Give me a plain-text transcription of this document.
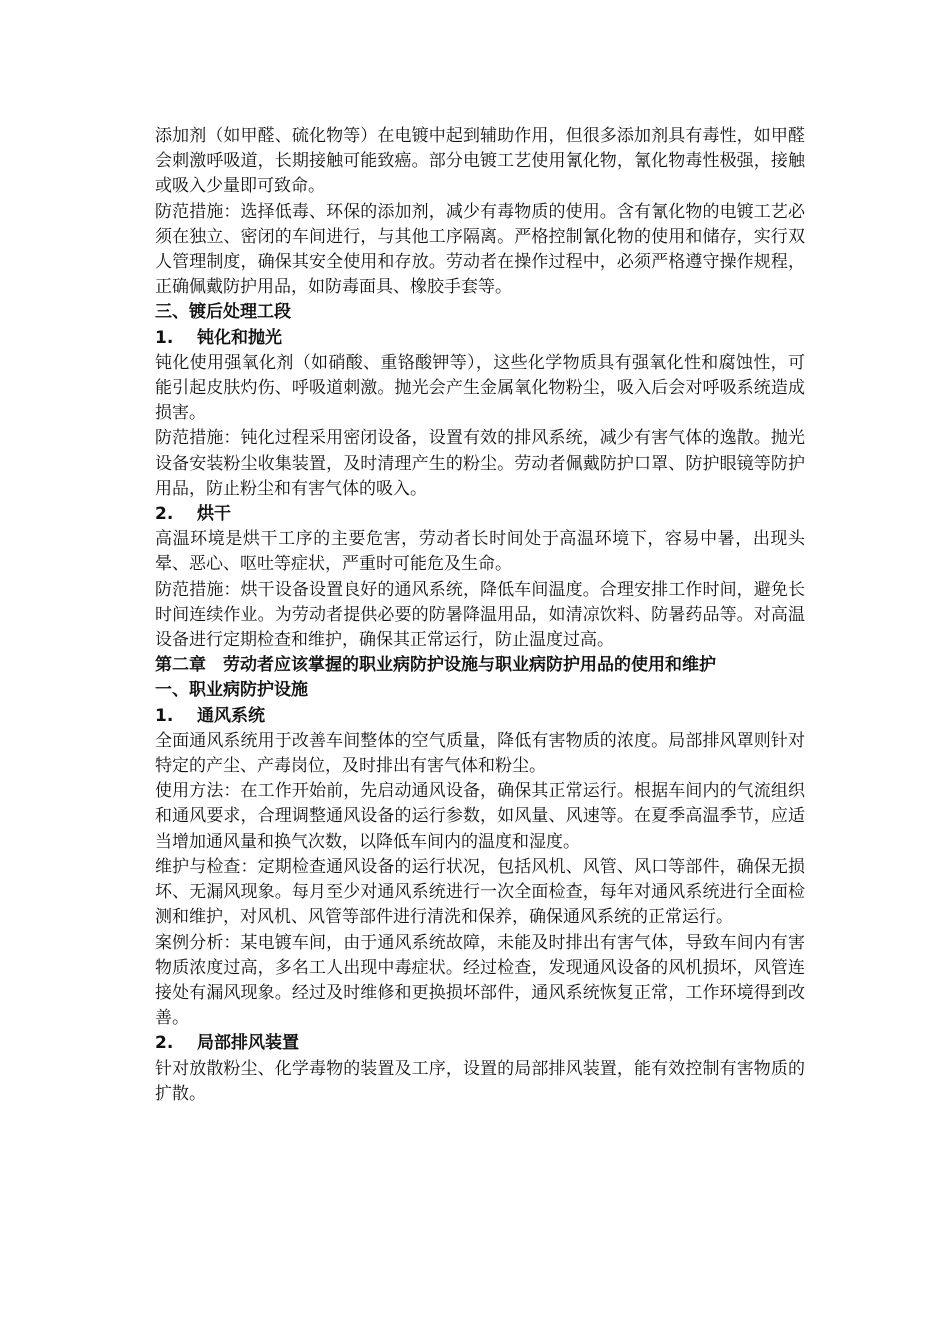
添加剂（如甲醛、硫化物等）在电镀中起到辅助作用，但很多添加剂具有毒性，如甲醛会刺激呼吸道，长期接触可能致癌。部分电镀工艺使用氰化物，氰化物毒性极强，接触或吸入少量即可致命。

防范措施：选择低毒、环保的添加剂，减少有毒物质的使用。含有氰化物的电镀工艺必须在独立、密闭的车间进行，与其他工序隔离。严格控制氰化物的使用和储存，实行双人管理制度，确保其安全使用和存放。劳动者在操作过程中，必须严格遵守操作规程，正确佩戴防护用品，如防毒面具、橡胶手套等。

三、镀后处理工段

1. 钝化和抛光

钝化使用强氧化剂（如硝酸、重铬酸钾等），这些化学物质具有强氧化性和腐蚀性，可能引起皮肤灼伤、呼吸道刺激。抛光会产生金属氧化物粉尘，吸入后会对呼吸系统造成损害。

防范措施：钝化过程采用密闭设备，设置有效的排风系统，减少有害气体的逸散。抛光设备安装粉尘收集装置，及时清理产生的粉尘。劳动者佩戴防护口罩、防护眼镜等防护用品，防止粉尘和有害气体的吸入。

2. 烘干

高温环境是烘干工序的主要危害，劳动者长时间处于高温环境下，容易中暑，出现头晕、恶心、呕吐等症状，严重时可能危及生命。

防范措施：烘干设备设置良好的通风系统，降低车间温度。合理安排工作时间，避免长时间连续作业。为劳动者提供必要的防暑降温用品，如清凉饮料、防暑药品等。对高温设备进行定期检查和维护，确保其正常运行，防止温度过高。

第二章　劳动者应该掌握的职业病防护设施与职业病防护用品的使用和维护

一、职业病防护设施

1. 通风系统

全面通风系统用于改善车间整体的空气质量，降低有害物质的浓度。局部排风罩则针对特定的产尘、产毒岗位，及时排出有害气体和粉尘。

使用方法：在工作开始前，先启动通风设备，确保其正常运行。根据车间内的气流组织和通风要求，合理调整通风设备的运行参数，如风量、风速等。在夏季高温季节，应适当增加通风量和换气次数，以降低车间内的温度和湿度。

维护与检查：定期检查通风设备的运行状况，包括风机、风管、风口等部件，确保无损坏、无漏风现象。每月至少对通风系统进行一次全面检查，每年对通风系统进行全面检测和维护，对风机、风管等部件进行清洗和保养，确保通风系统的正常运行。

案例分析：某电镀车间，由于通风系统故障，未能及时排出有害气体，导致车间内有害物质浓度过高，多名工人出现中毒症状。经过检查，发现通风设备的风机损坏，风管连接处有漏风现象。经过及时维修和更换损坏部件，通风系统恢复正常，工作环境得到改善。

2. 局部排风装置

针对放散粉尘、化学毒物的装置及工序，设置的局部排风装置，能有效控制有害物质的扩散。
